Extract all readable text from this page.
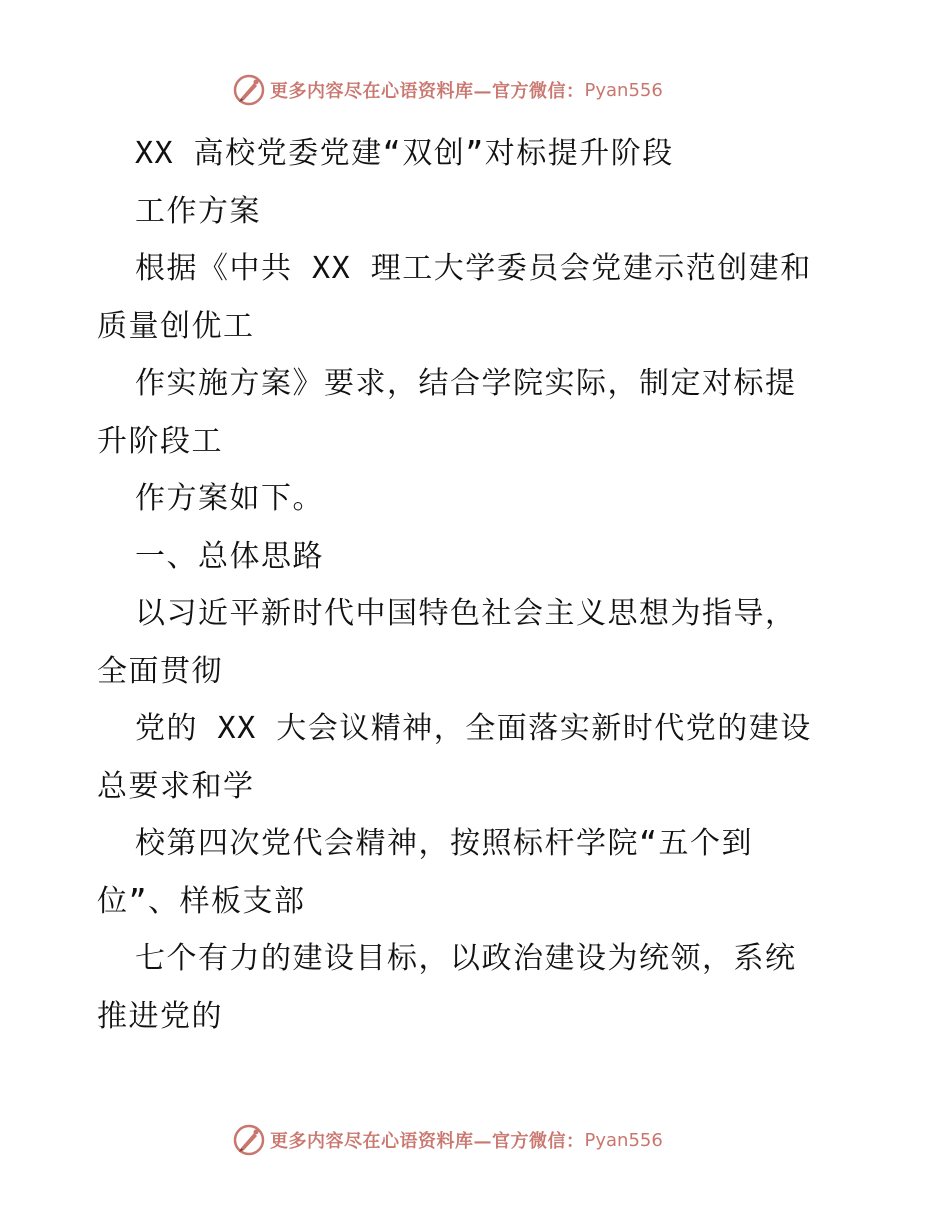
更多内容尽在心语资料库—官方微信： Pyan556
XX 高校党委党建“双创”对标提升阶段
工作方案
根据《中共 XX 理工大学委员会党建示范创建和
质量创优工
作实施方案》要求，结合学院实际，制定对标提
升阶段工
作方案如下。
一、总体思路
以习近平新时代中国特色社会主义思想为指导，
全面贯彻
党的 XX 大会议精神，全面落实新时代党的建设
总要求和学
校第四次党代会精神，按照标杆学院“五个到
位”、样板支部
七个有力的建设目标，以政治建设为统领，系统
推进党的
更多内容尽在心语资料库—官方微信： Pyan556
